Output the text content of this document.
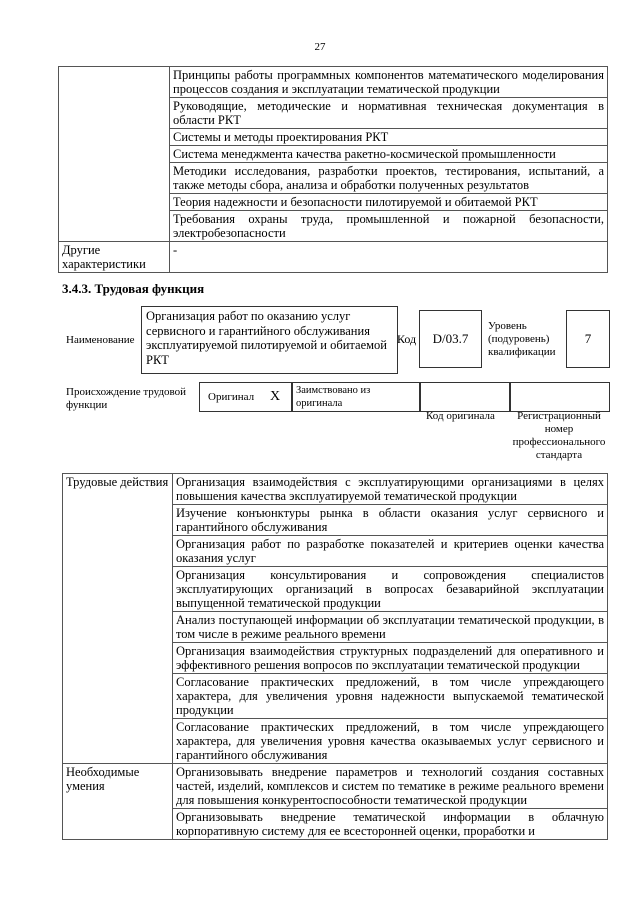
27
	Принципы работы программных компонентов математического моделирования процессов создания и эксплуатации тематической продукции
	Руководящие, методические и нормативная техническая документация в области РКТ
	Системы и методы проектирования РКТ
	Система менеджмента качества ракетно-космической промышленности
	Методики исследования, разработки проектов, тестирования, испытаний, а также методы сбора, анализа и обработки полученных результатов
	Теория надежности и безопасности пилотируемой и обитаемой РКТ
	Требования охраны труда, промышленной и пожарной безопасности, электробезопасности
Другие характеристики	-
3.4.3. Трудовая функция
Наименование
Организация работ по оказанию услуг сервисного и гарантийного обслуживания эксплуатируемой пилотируемой и обитаемой РКТ
Код	D/03.7
Уровень (подуровень) квалификации
7
Происхождение трудовой функции
Оригинал X Заимствовано из оригинала
Код оригинала	Регистрационный номер профессионального стандарта
Трудовые действия	Организация взаимодействия с эксплуатирующими организациями в целях повышения качества эксплуатируемой тематической продукции
	Изучение конъюнктуры рынка в области оказания услуг сервисного и гарантийного обслуживания
	Организация работ по разработке показателей и критериев оценки качества оказания услуг
	Организация консультирования и сопровождения специалистов эксплуатирующих организаций в вопросах безаварийной эксплуатации выпущенной тематической продукции
	Анализ поступающей информации об эксплуатации тематической продукции, в том числе в режиме реального времени
	Организация взаимодействия структурных подразделений для оперативного и эффективного решения вопросов по эксплуатации тематической продукции
	Согласование практических предложений, в том числе упреждающего характера, для увеличения уровня надежности выпускаемой тематической продукции
	Согласование практических предложений, в том числе упреждающего характера, для увеличения уровня качества оказываемых услуг сервисного и гарантийного обслуживания
Необходимые умения	Организовывать внедрение параметров и технологий создания составных частей, изделий, комплексов и систем по тематике в режиме реального времени для повышения конкурентоспособности тематической продукции
	Организовывать внедрение тематической информации в облачную корпоративную систему для ее всесторонней оценки, проработки и
